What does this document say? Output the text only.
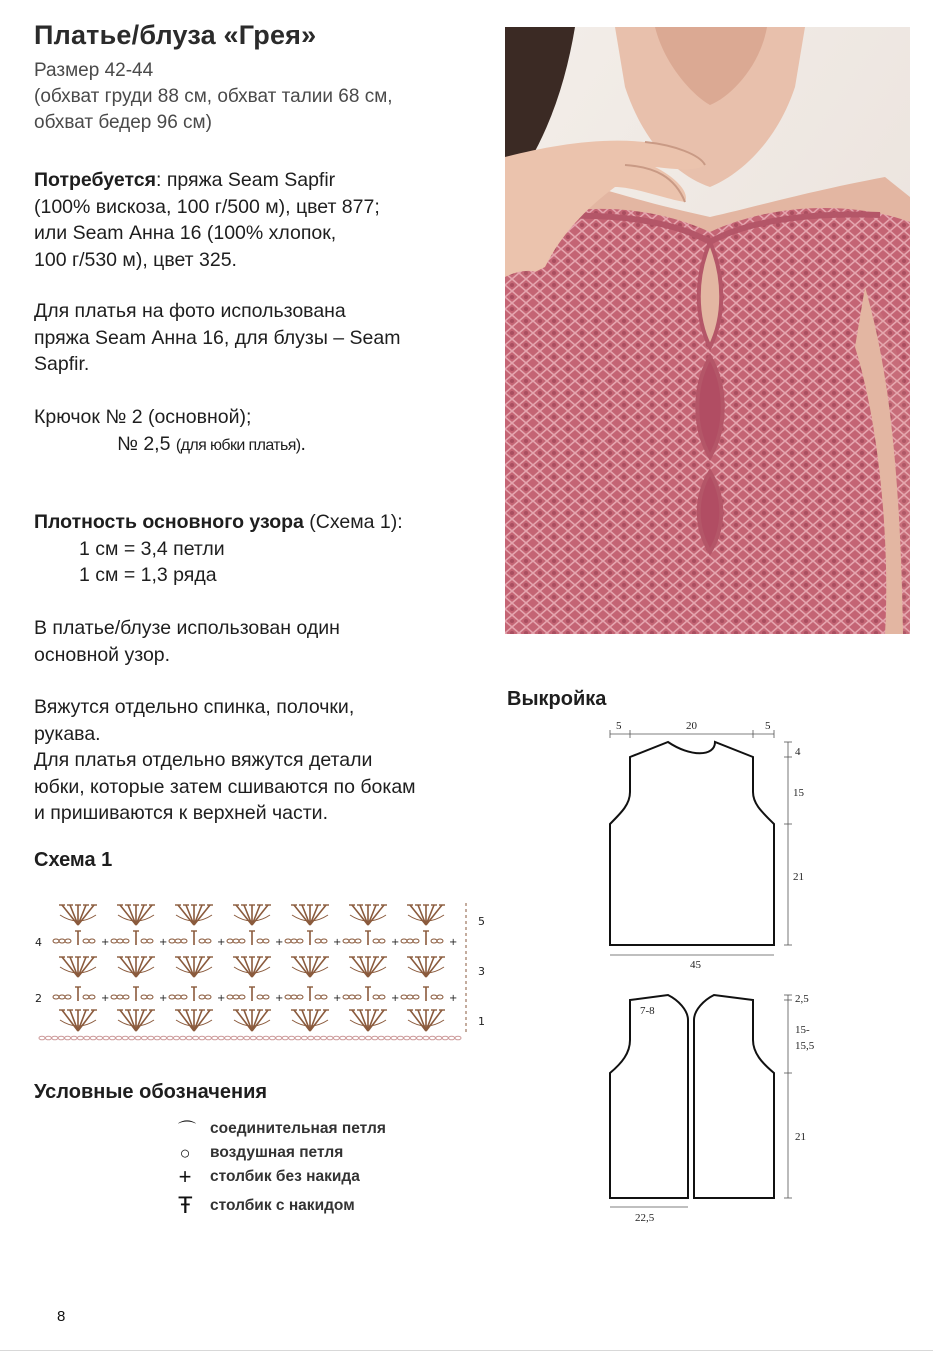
Платье/блуза «Грея»
Размер 42-44
(обхват груди 88 см, обхват талии 68 см,
обхват бедер 96 см)
Потребуется: пряжа Seam Sapfir
(100% вискоза, 100 г/500 м), цвет 877;
или Seam Анна 16 (100% хлопок,
100 г/530 м), цвет 325.
Для платья на фото использована
пряжа Seam Анна 16, для блузы – Seam
Sapfir.
Крючок № 2 (основной);
№ 2,5 (для юбки платья).
Плотность основного узора (Схема 1):
1 см = 3,4 петли
1 см = 1,3 ряда
В платье/блузе использован один
основной узор.
Вяжутся отдельно спинка, полочки,
рукава.
Для платья отдельно вяжутся детали
юбки, которые затем сшиваются по бокам
и пришиваются к верхней части.
Схема 1
+	+	+	+	+	+	+
+	+	+	+	+	+	+
5
3
1
4
2
Условные обозначения
⌒ соединительная петля
○ воздушная петля
+ столбик без накида
Ŧ столбик с накидом
Выкройка
5	20	5
4
15
21
45
7-8
2,5
15-
15,5
21
22,5
8
